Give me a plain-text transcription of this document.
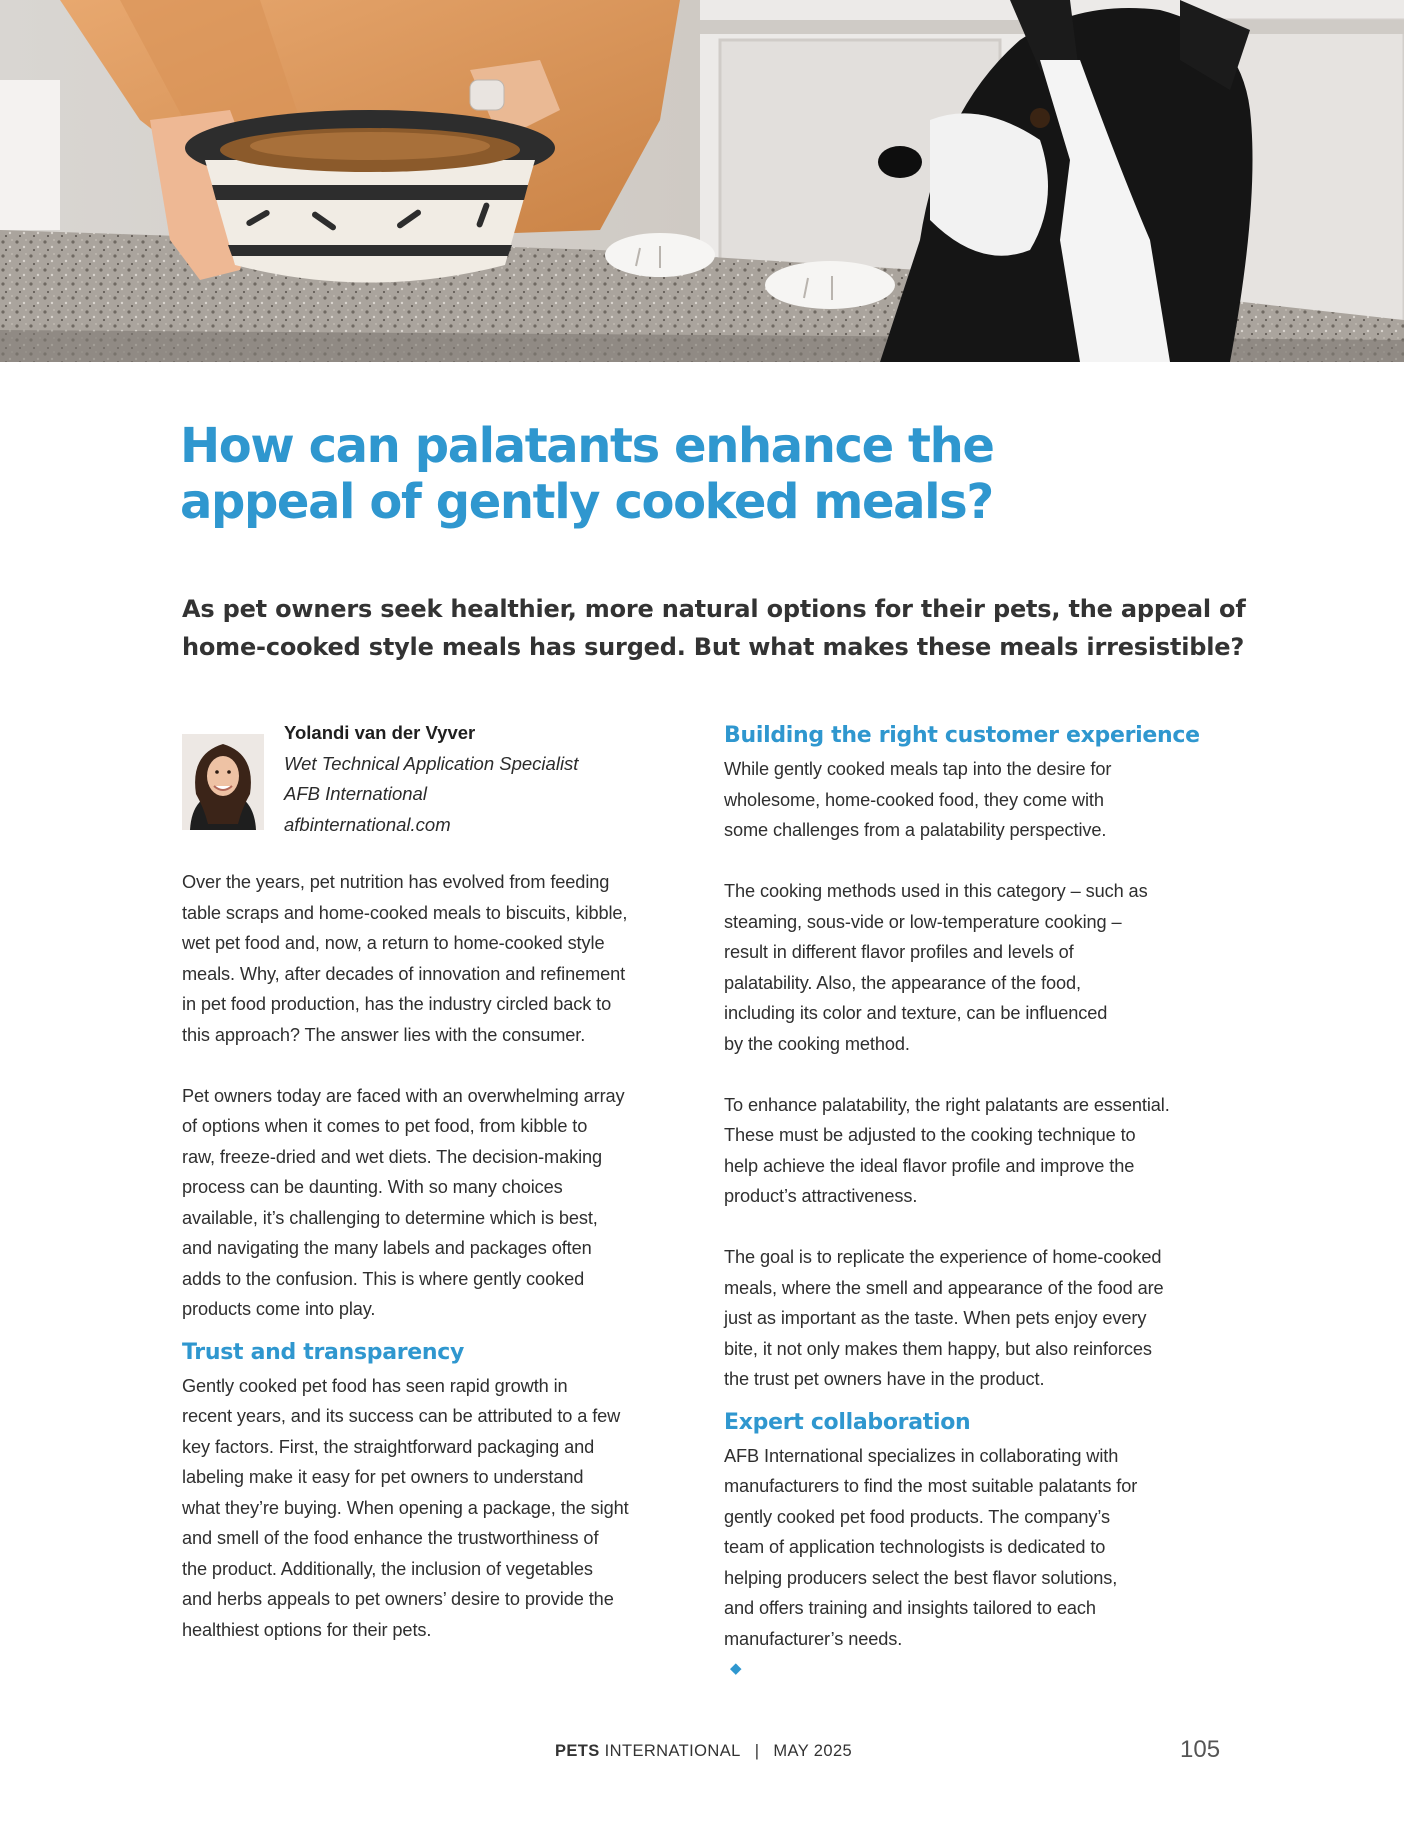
How can palatants enhance the
appeal of gently cooked meals?

As pet owners seek healthier, more natural options for their pets, the appeal of
home-cooked style meals has surged. But what makes these meals irresistible?

Yolandi van der Vyver
Wet Technical Application Specialist
AFB International
afbinternational.com

Over the years, pet nutrition has evolved from feeding
table scraps and home-cooked meals to biscuits, kibble,
wet pet food and, now, a return to home-cooked style
meals. Why, after decades of innovation and refinement
in pet food production, has the industry circled back to
this approach? The answer lies with the consumer.

Pet owners today are faced with an overwhelming array
of options when it comes to pet food, from kibble to
raw, freeze-dried and wet diets. The decision-making
process can be daunting. With so many choices
available, it’s challenging to determine which is best,
and navigating the many labels and packages often
adds to the confusion. This is where gently cooked
products come into play.

Trust and transparency

Gently cooked pet food has seen rapid growth in
recent years, and its success can be attributed to a few
key factors. First, the straightforward packaging and
labeling make it easy for pet owners to understand
what they’re buying. When opening a package, the sight
and smell of the food enhance the trustworthiness of
the product. Additionally, the inclusion of vegetables
and herbs appeals to pet owners’ desire to provide the
healthiest options for their pets.

Building the right customer experience

While gently cooked meals tap into the desire for
wholesome, home-cooked food, they come with
some challenges from a palatability perspective.

The cooking methods used in this category – such as
steaming, sous-vide or low-temperature cooking –
result in different flavor profiles and levels of
palatability. Also, the appearance of the food,
including its color and texture, can be influenced
by the cooking method.

To enhance palatability, the right palatants are essential.
These must be adjusted to the cooking technique to
help achieve the ideal flavor profile and improve the
product’s attractiveness.

The goal is to replicate the experience of home-cooked
meals, where the smell and appearance of the food are
just as important as the taste. When pets enjoy every
bite, it not only makes them happy, but also reinforces
the trust pet owners have in the product.

Expert collaboration

AFB International specializes in collaborating with
manufacturers to find the most suitable palatants for
gently cooked pet food products. The company’s
team of application technologists is dedicated to
helping producers select the best flavor solutions,
and offers training and insights tailored to each
manufacturer’s needs.
◆

PETS INTERNATIONAL | MAY 2025	105
